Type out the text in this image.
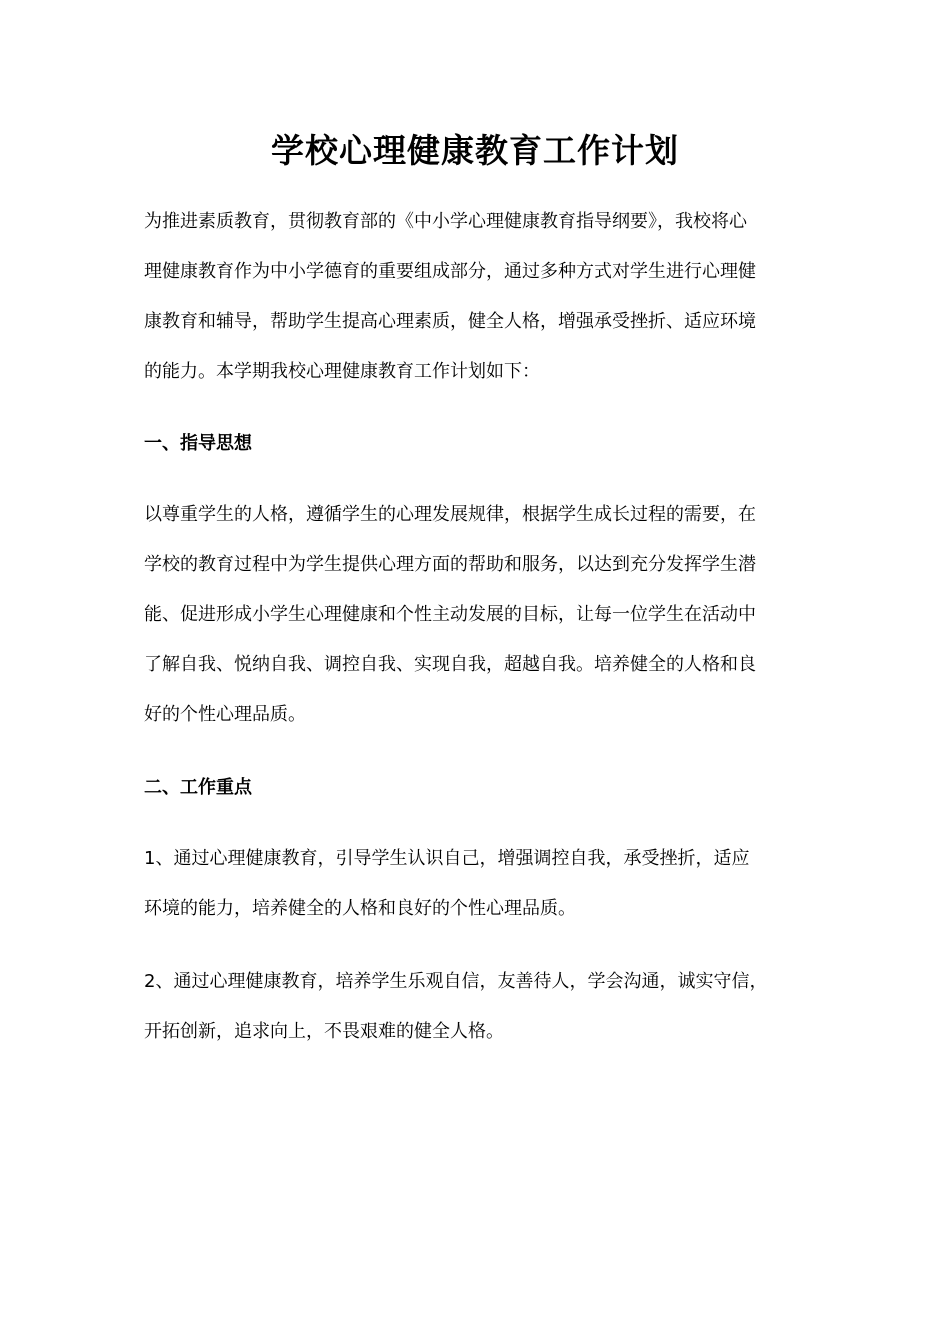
学校心理健康教育工作计划
为推进素质教育，贯彻教育部的《中小学心理健康教育指导纲要》，我校将心
理健康教育作为中小学德育的重要组成部分，通过多种方式对学生进行心理健
康教育和辅导，帮助学生提高心理素质，健全人格，增强承受挫折、适应环境
的能力。本学期我校心理健康教育工作计划如下：
一、指导思想
以尊重学生的人格，遵循学生的心理发展规律，根据学生成长过程的需要，在
学校的教育过程中为学生提供心理方面的帮助和服务，以达到充分发挥学生潜
能、促进形成小学生心理健康和个性主动发展的目标，让每一位学生在活动中
了解自我、悦纳自我、调控自我、实现自我，超越自我。培养健全的人格和良
好的个性心理品质。
二、工作重点
1、通过心理健康教育，引导学生认识自己，增强调控自我，承受挫折，适应
环境的能力，培养健全的人格和良好的个性心理品质。
2、通过心理健康教育，培养学生乐观自信，友善待人，学会沟通，诚实守信，
开拓创新，追求向上，不畏艰难的健全人格。
